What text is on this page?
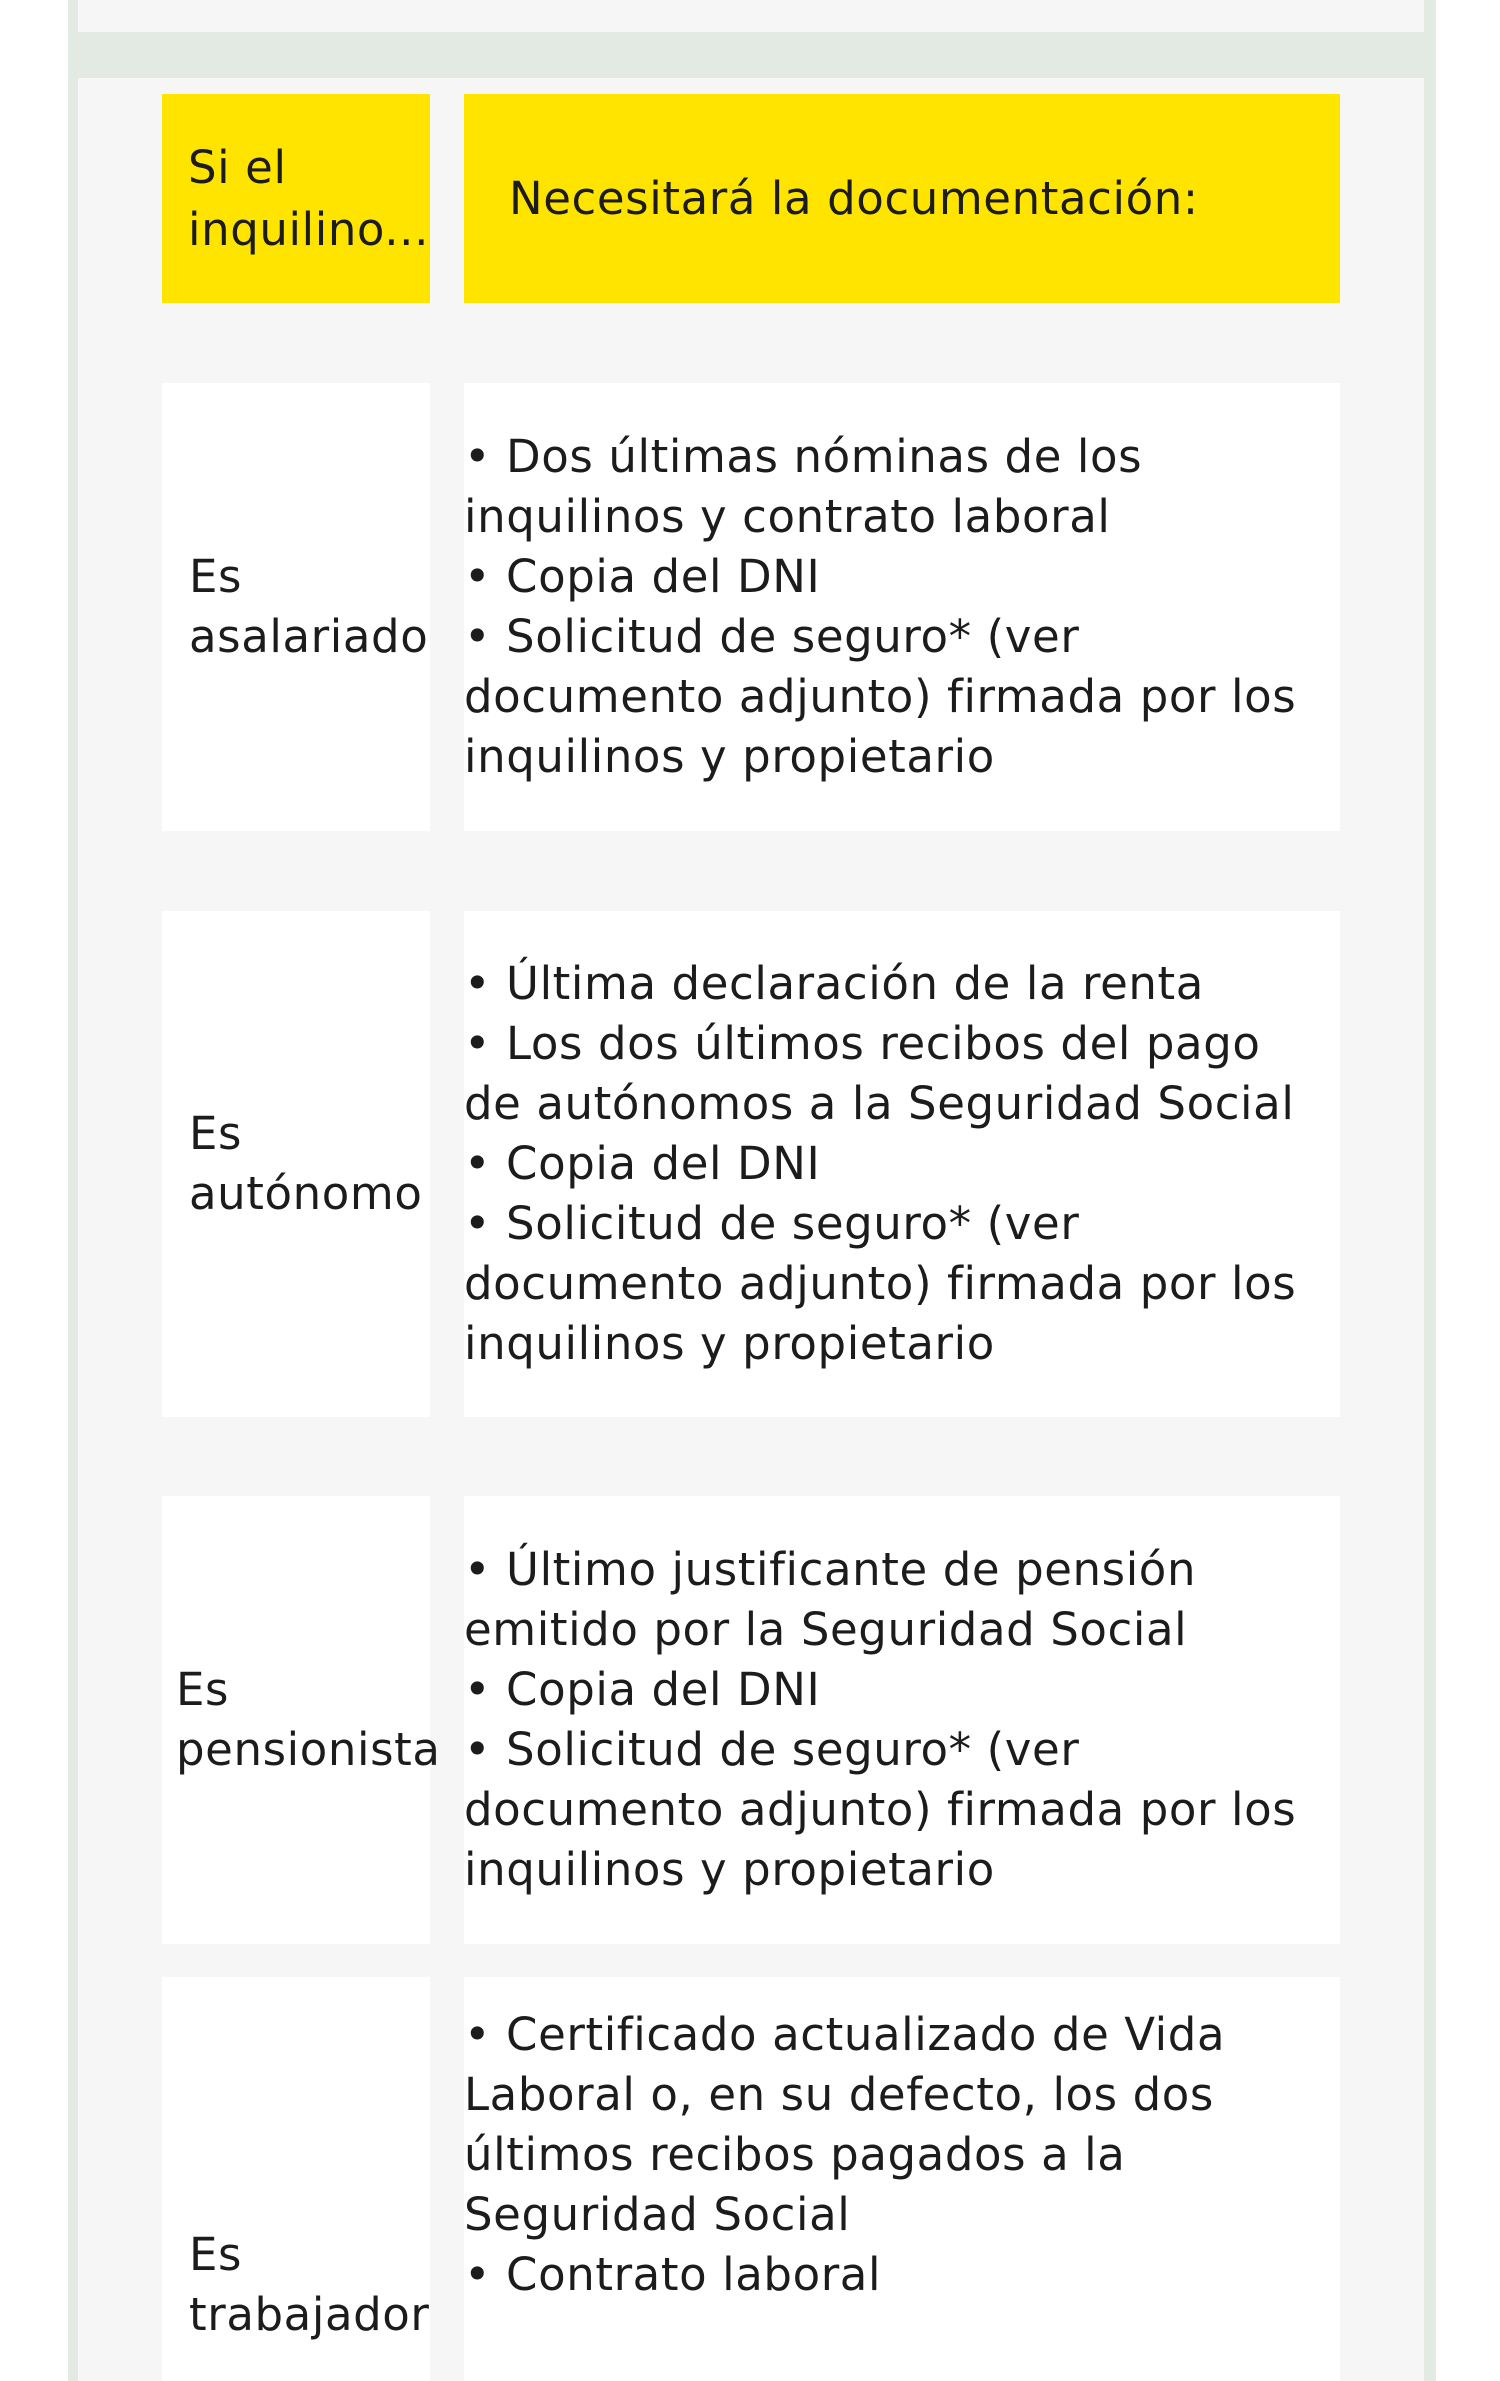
Si el
inquilino...
Necesitará la documentación:
Es
asalariado
• Dos últimas nóminas de los
inquilinos y contrato laboral
• Copia del DNI
• Solicitud de seguro* (ver
documento adjunto) firmada por los
inquilinos y propietario
Es
autónomo
• Última declaración de la renta
• Los dos últimos recibos del pago
de autónomos a la Seguridad Social
• Copia del DNI
• Solicitud de seguro* (ver
documento adjunto) firmada por los
inquilinos y propietario
Es
pensionista
• Último justificante de pensión
emitido por la Seguridad Social
• Copia del DNI
• Solicitud de seguro* (ver
documento adjunto) firmada por los
inquilinos y propietario
Es
trabajador
• Certificado actualizado de Vida
Laboral o, en su defecto, los dos
últimos recibos pagados a la
Seguridad Social
• Contrato laboral
